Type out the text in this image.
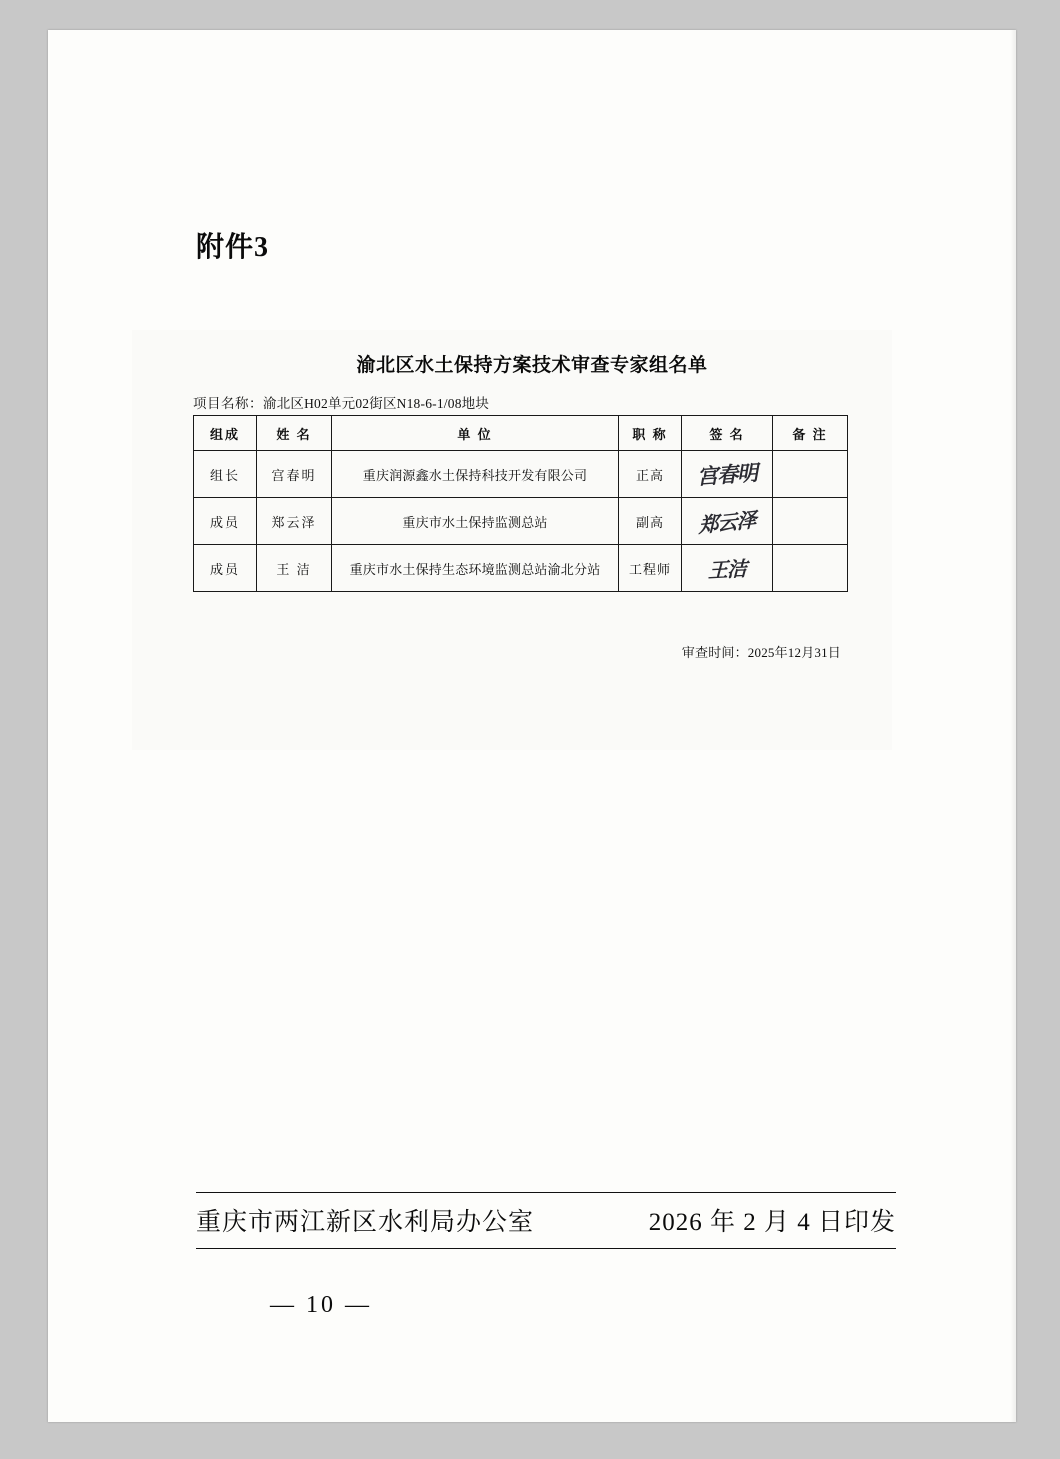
附件3
渝北区水土保持方案技术审查专家组名单
项目名称：渝北区H02单元02街区N18-6-1/08地块
组成	姓 名	单 位	职 称	签 名	备 注
组长	宫春明	重庆润源鑫水土保持科技开发有限公司	正高	宫春明	

成员	郑云泽	重庆市水土保持监测总站	副高	郑云泽	

成员	王 洁	重庆市水土保持生态环境监测总站渝北分站	工程师	王洁	

审查时间：2025年12月31日
重庆市两江新区水利局办公室	2026 年 2 月 4 日印发
— 10 —
